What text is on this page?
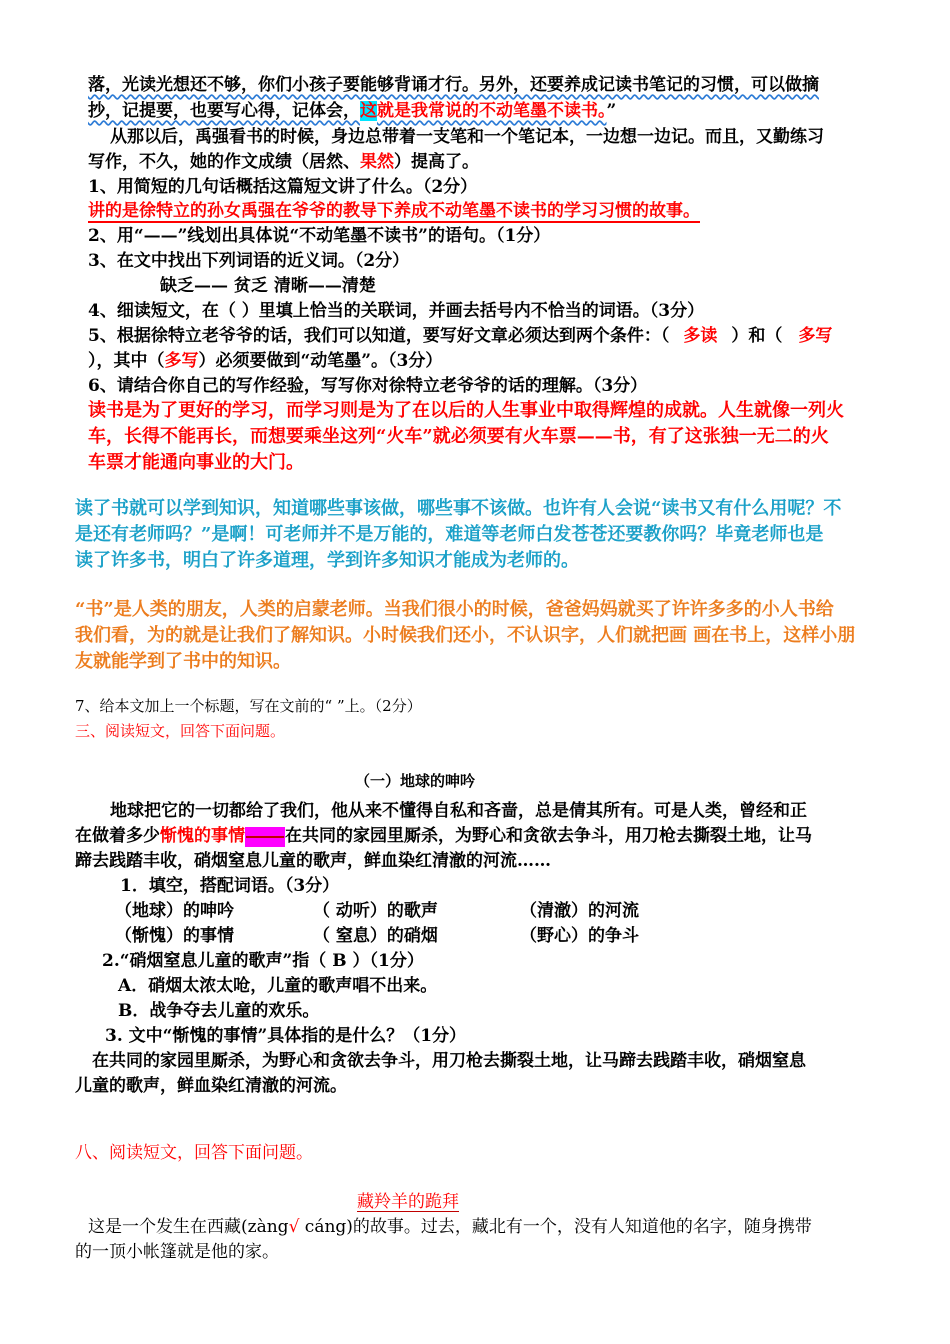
落，光读光想还不够，你们小孩子要能够背诵才行。另外，还要养成记读书笔记的习惯，可以做摘
抄，记提要，也要写心得，记体会，这就是我常说的不动笔墨不读书。”
从那以后，禹强看书的时候，身边总带着一支笔和一个笔记本，一边想一边记。而且，又勤练习
写作，不久，她的作文成绩（居然、果然）提高了。
1、用简短的几句话概括这篇短文讲了什么。（2分）
讲的是徐特立的孙女禹强在爷爷的教导下养成不动笔墨不读书的学习习惯的故事。
2、用“——”线划出具体说“不动笔墨不读书”的语句。（1分）
3、在文中找出下列词语的近义词。（2分）
缺乏—— 贫乏 清晰——清楚
4、细读短文，在（ ）里填上恰当的关联词，并画去括号内不恰当的词语。（3分）
5、根据徐特立老爷爷的话，我们可以知道，要写好文章必须达到两个条件：（ 多读 ）和（ 多写
），其中（多写）必须要做到“动笔墨”。（3分）
6、请结合你自己的写作经验，写写你对徐特立老爷爷的话的理解。（3分）
读书是为了更好的学习，而学习则是为了在以后的人生事业中取得辉煌的成就。人生就像一列火
车，长得不能再长，而想要乘坐这列“火车”就必须要有火车票——书，有了这张独一无二的火
车票才能通向事业的大门。
读了书就可以学到知识，知道哪些事该做，哪些事不该做。也许有人会说“读书又有什么用呢？不
是还有老师吗？”是啊！可老师并不是万能的，难道等老师白发苍苍还要教你吗？毕竟老师也是
读了许多书，明白了许多道理，学到许多知识才能成为老师的。
“书”是人类的朋友，人类的启蒙老师。当我们很小的时候，爸爸妈妈就买了许许多多的小人书给
我们看，为的就是让我们了解知识。小时候我们还小，不认识字，人们就把画 画在书上，这样小朋
友就能学到了书中的知识。
7、给本文加上一个标题，写在文前的“ ”上。（2分）
三、阅读短文，回答下面问题。
（一）地球的呻吟
地球把它的一切都给了我们，他从来不懂得自私和吝啬，总是倩其所有。可是人类，曾经和正
在做着多少惭愧的事情 在共同的家园里厮杀，为野心和贪欲去争斗，用刀枪去撕裂土地，让马
蹄去践踏丰收，硝烟窒息儿童的歌声，鲜血染红清澈的河流……
1．填空，搭配词语。（3分）
（地球）的呻吟	（ 动听）的歌声	（清澈）的河流
（惭愧）的事情	（ 窒息）的硝烟	（野心）的争斗
2.“硝烟窒息儿童的歌声”指（ B ）（1分）
A．硝烟太浓太呛，儿童的歌声唱不出来。
B．战争夺去儿童的欢乐。
3. 文中“惭愧的事情”具体指的是什么？（1分）
在共同的家园里厮杀，为野心和贪欲去争斗，用刀枪去撕裂土地，让马蹄去践踏丰收，硝烟窒息
儿童的歌声，鲜血染红清澈的河流。
八、阅读短文，回答下面问题。
藏羚羊的跪拜
这是一个发生在西藏(zàng√ cáng)的故事。过去，藏北有一个，没有人知道他的名字，随身携带
的一顶小帐篷就是他的家。
